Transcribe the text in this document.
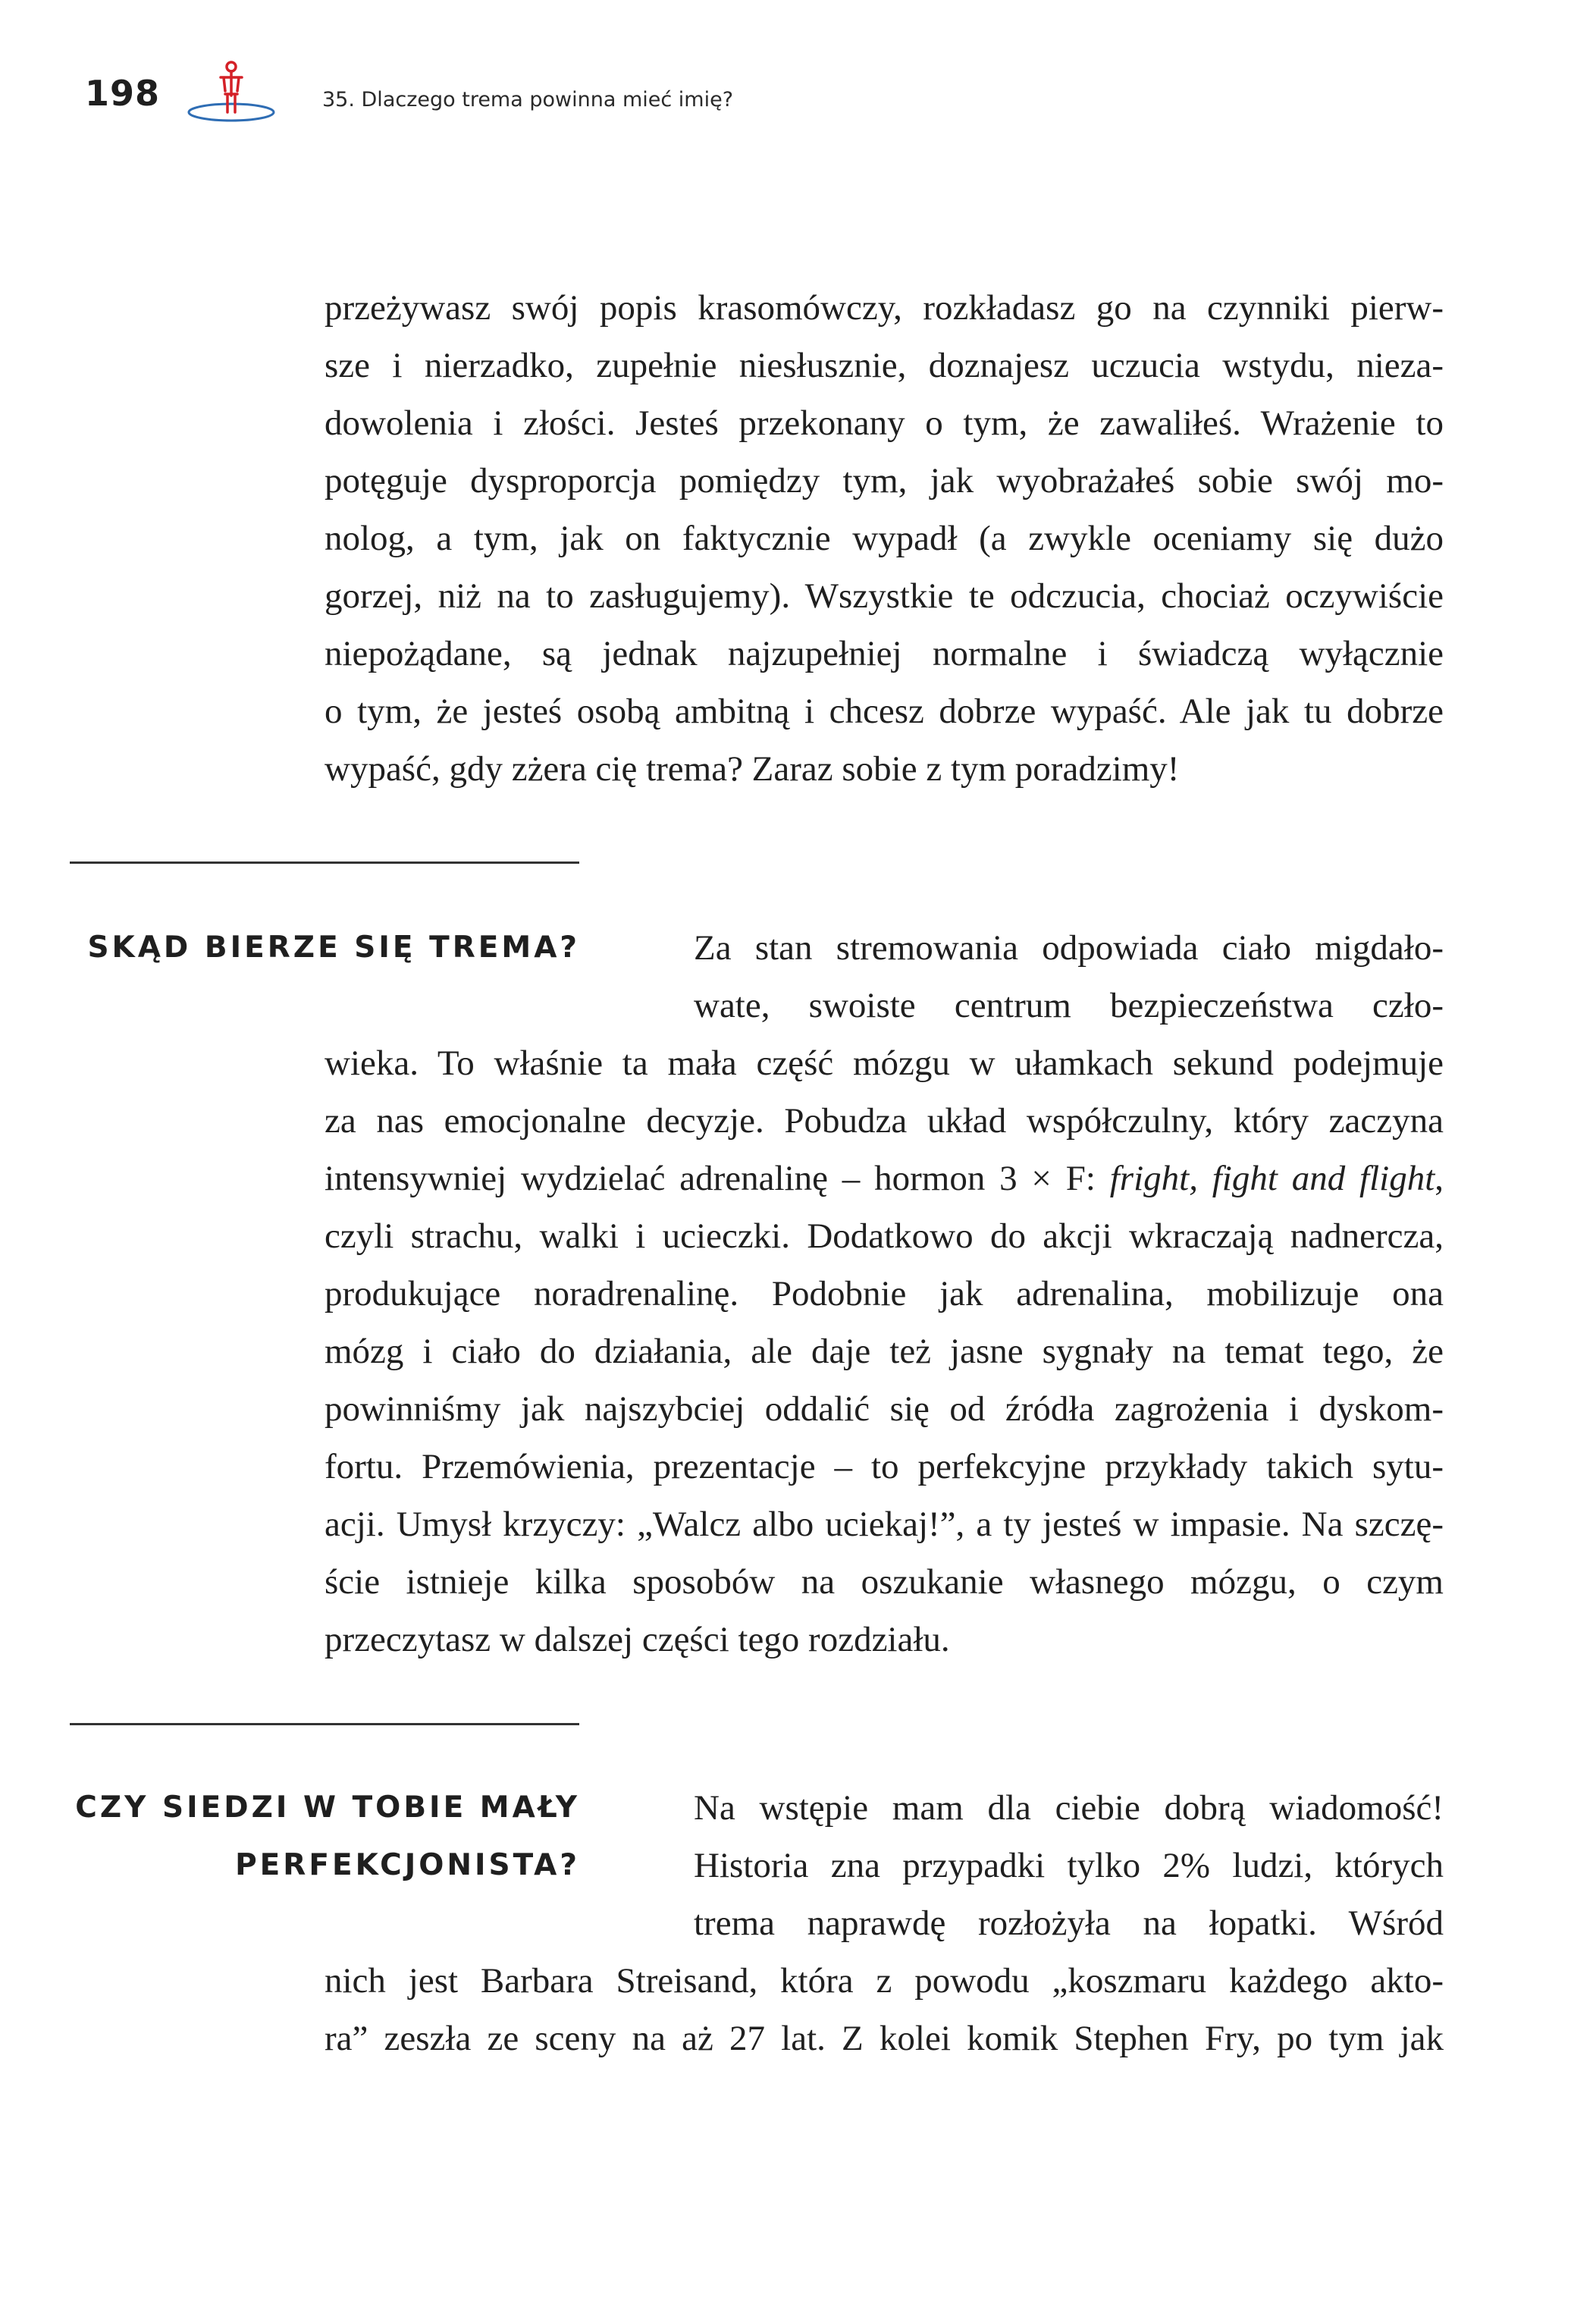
198	35. Dlaczego trema powinna mieć imię?

przeżywasz swój popis krasomówczy, rozkładasz go na czynniki pierw-
sze i nierzadko, zupełnie niesłusznie, doznajesz uczucia wstydu, nieza-
dowolenia i złości. Jesteś przekonany o tym, że zawaliłeś. Wrażenie to
potęguje dysproporcja pomiędzy tym, jak wyobrażałeś sobie swój mo-
nolog, a tym, jak on faktycznie wypadł (a zwykle oceniamy się dużo
gorzej, niż na to zasługujemy). Wszystkie te odczucia, chociaż oczywiście
niepożądane, są jednak najzupełniej normalne i świadczą wyłącznie
o tym, że jesteś osobą ambitną i chcesz dobrze wypaść. Ale jak tu dobrze
wypaść, gdy zżera cię trema? Zaraz sobie z tym poradzimy!

SKĄD BIERZE SIĘ TREMA?	Za stan stremowania odpowiada ciało migdało-
wate, swoiste centrum bezpieczeństwa czło-
wieka. To właśnie ta mała część mózgu w ułamkach sekund podejmuje
za nas emocjonalne decyzje. Pobudza układ współczulny, który zaczyna
intensywniej wydzielać adrenalinę – hormon 3 × F: fright, fight and flight,
czyli strachu, walki i ucieczki. Dodatkowo do akcji wkraczają nadnercza,
produkujące noradrenalinę. Podobnie jak adrenalina, mobilizuje ona
mózg i ciało do działania, ale daje też jasne sygnały na temat tego, że
powinniśmy jak najszybciej oddalić się od źródła zagrożenia i dyskom-
fortu. Przemówienia, prezentacje – to perfekcyjne przykłady takich sytu-
acji. Umysł krzyczy: „Walcz albo uciekaj!”, a ty jesteś w impasie. Na szczę-
ście istnieje kilka sposobów na oszukanie własnego mózgu, o czym
przeczytasz w dalszej części tego rozdziału.

CZY SIEDZI W TOBIE MAŁY
PERFEKCJONISTA?

Na wstępie mam dla ciebie dobrą wiadomość!
Historia zna przypadki tylko 2% ludzi, których
trema naprawdę rozłożyła na łopatki. Wśród
nich jest Barbara Streisand, która z powodu „koszmaru każdego akto-
ra” zeszła ze sceny na aż 27 lat. Z kolei komik Stephen Fry, po tym jak
